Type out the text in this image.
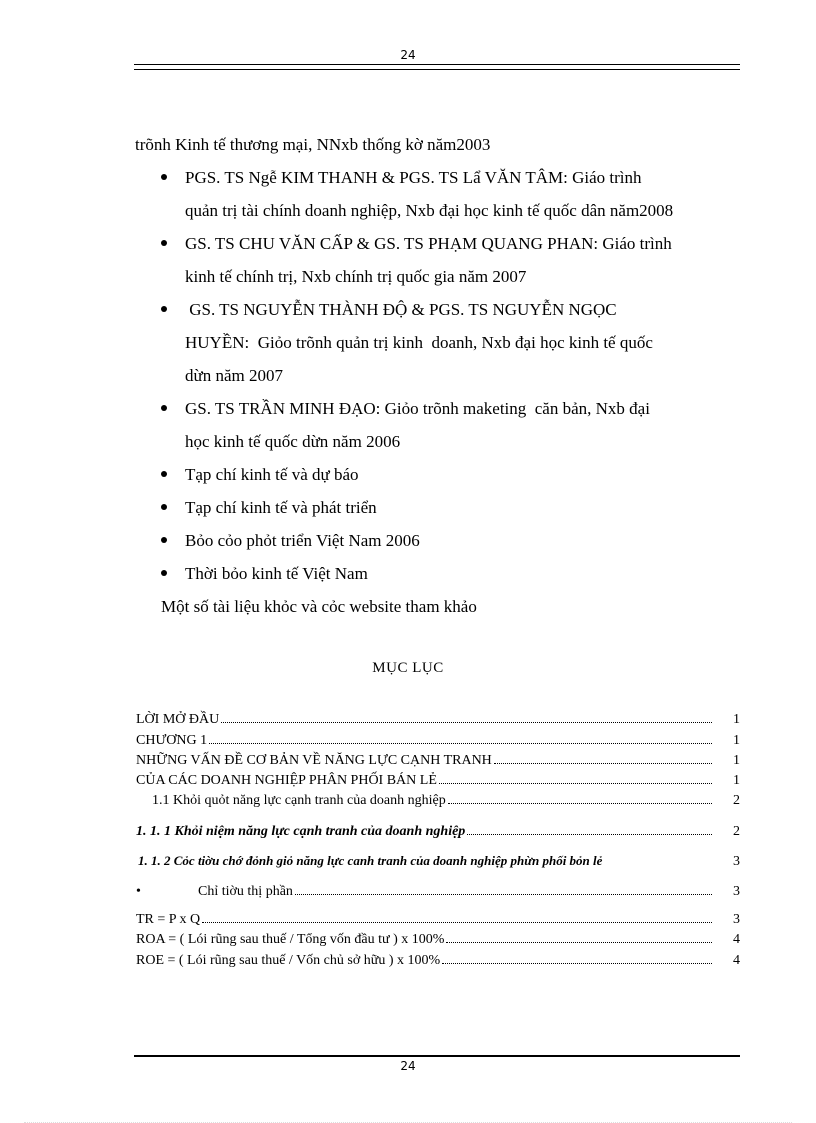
24
trõnh Kinh tế thương mại, NNxb thống kờ năm2003
PGS. TS Ngễ KIM THANH & PGS. TS Lẩ VĂN TÂM: Giáo trình
quản trị tài chính doanh nghiệp, Nxb đại học kinh tế quốc dân năm2008
GS. TS CHU VĂN CẤP & GS. TS PHẠM QUANG PHAN: Giáo trình
kinh tế chính trị, Nxb chính trị quốc gia năm 2007
GS. TS NGUYỄN THÀNH ĐỘ & PGS. TS NGUYỄN NGỌC
HUYỀN:  Giỏo trõnh quản trị kinh  doanh, Nxb đại học kinh tế quốc
dừn năm 2007
GS. TS TRẦN MINH ĐẠO: Giỏo trõnh maketing  căn bản, Nxb đại
học kinh tế quốc dừn năm 2006
Tạp chí kinh tế và dự báo
Tạp chí kinh tế và phát triển
Bỏo cỏo phỏt triển Việt Nam 2006
Thời bỏo kinh tế Việt Nam
Một số tài liệu khỏc và cỏc website tham khảo
MỤC LỤC
LỜI MỞ ĐẦU	1
CHƯƠNG 1	1
NHỮNG VẤN ĐỀ CƠ BẢN VỀ NĂNG LỰC CẠNH TRANH	1
CỦA CÁC DOANH NGHIỆP PHÂN PHỐI BÁN LẺ	1
1.1 Khỏi quỏt năng lực cạnh tranh của doanh nghiệp	2
1. 1. 1 Khỏi niệm năng lực cạnh tranh của doanh nghiệp	2
1. 1. 2 Cỏc tiờu chớ đỏnh giỏ năng lực canh tranh của doanh nghiệp phừn phối bỏn lẻ	3
•	Chỉ tiờu thị phần	3
TR = P x Q	3
ROA = ( Lói rũng sau thuế / Tổng vốn đầu tư ) x 100%	4
ROE = ( Lói rũng sau thuế / Vốn chủ sở hữu ) x 100%	4
24
